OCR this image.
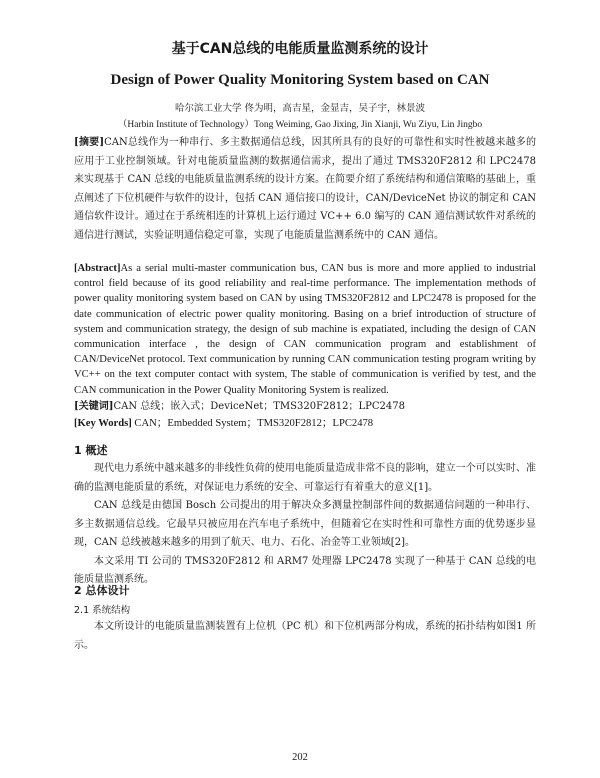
基于CAN总线的电能质量监测系统的设计
Design of Power Quality Monitoring System based on CAN
哈尔滨工业大学 佟为明，高吉星，金显吉，吴子宇，林景波
（Harbin Institute of Technology）Tong Weiming, Gao Jixing, Jin Xianji, Wu Ziyu, Lin Jingbo

[摘要]CAN总线作为一种串行、多主数据通信总线，因其所具有的良好的可靠性和实时性被越来越多的应用于工业控制领域。针对电能质量监测的数据通信需求，提出了通过 TMS320F2812 和 LPC2478 来实现基于 CAN 总线的电能质量监测系统的设计方案。在简要介绍了系统结构和通信策略的基础上，重点阐述了下位机硬件与软件的设计，包括 CAN 通信接口的设计，CAN/DeviceNet 协议的制定和 CAN 通信软件设计。通过在于系统相连的计算机上运行通过 VC++ 6.0 编写的 CAN 通信测试软件对系统的通信进行测试，实验证明通信稳定可靠，实现了电能质量监测系统中的 CAN 通信。

[Abstract]As a serial multi-master communication bus, CAN bus is more and more applied to industrial control field because of its good reliability and real-time performance. The implementation methods of power quality monitoring system based on CAN by using TMS320F2812 and LPC2478 is proposed for the date communication of electric power quality monitoring. Basing on a brief introduction of structure of system and communication strategy, the design of sub machine is expatiated, including the design of CAN communication interface , the design of CAN communication program and establishment of CAN/DeviceNet protocol. Text communication by running CAN communication testing program writing by VC++ on the text computer contact with system, The stable of communication is verified by test, and the CAN communication in the Power Quality Monitoring System is realized.

[关键词]CAN 总线；嵌入式；DeviceNet；TMS320F2812；LPC2478

[Key Words] CAN；Embedded System；TMS320F2812；LPC2478

1 概述

现代电力系统中越来越多的非线性负荷的使用电能质量造成非常不良的影响，建立一个可以实时、准确的监测电能质量的系统，对保证电力系统的安全、可靠运行有着重大的意义[1]。

CAN 总线是由德国 Bosch 公司提出的用于解决众多测量控制部件间的数据通信问题的一种串行、多主数据通信总线。它最早只被应用在汽车电子系统中，但随着它在实时性和可靠性方面的优势逐步显现，CAN 总线被越来越多的用到了航天、电力、石化、冶金等工业领域[2]。

本文采用 TI 公司的 TMS320F2812 和 ARM7 处理器 LPC2478 实现了一种基于 CAN 总线的电能质量监测系统。

2 总体设计

2.1 系统结构

本文所设计的电能质量监测装置有上位机（PC 机）和下位机两部分构成，系统的拓扑结构如图1 所示。

202
